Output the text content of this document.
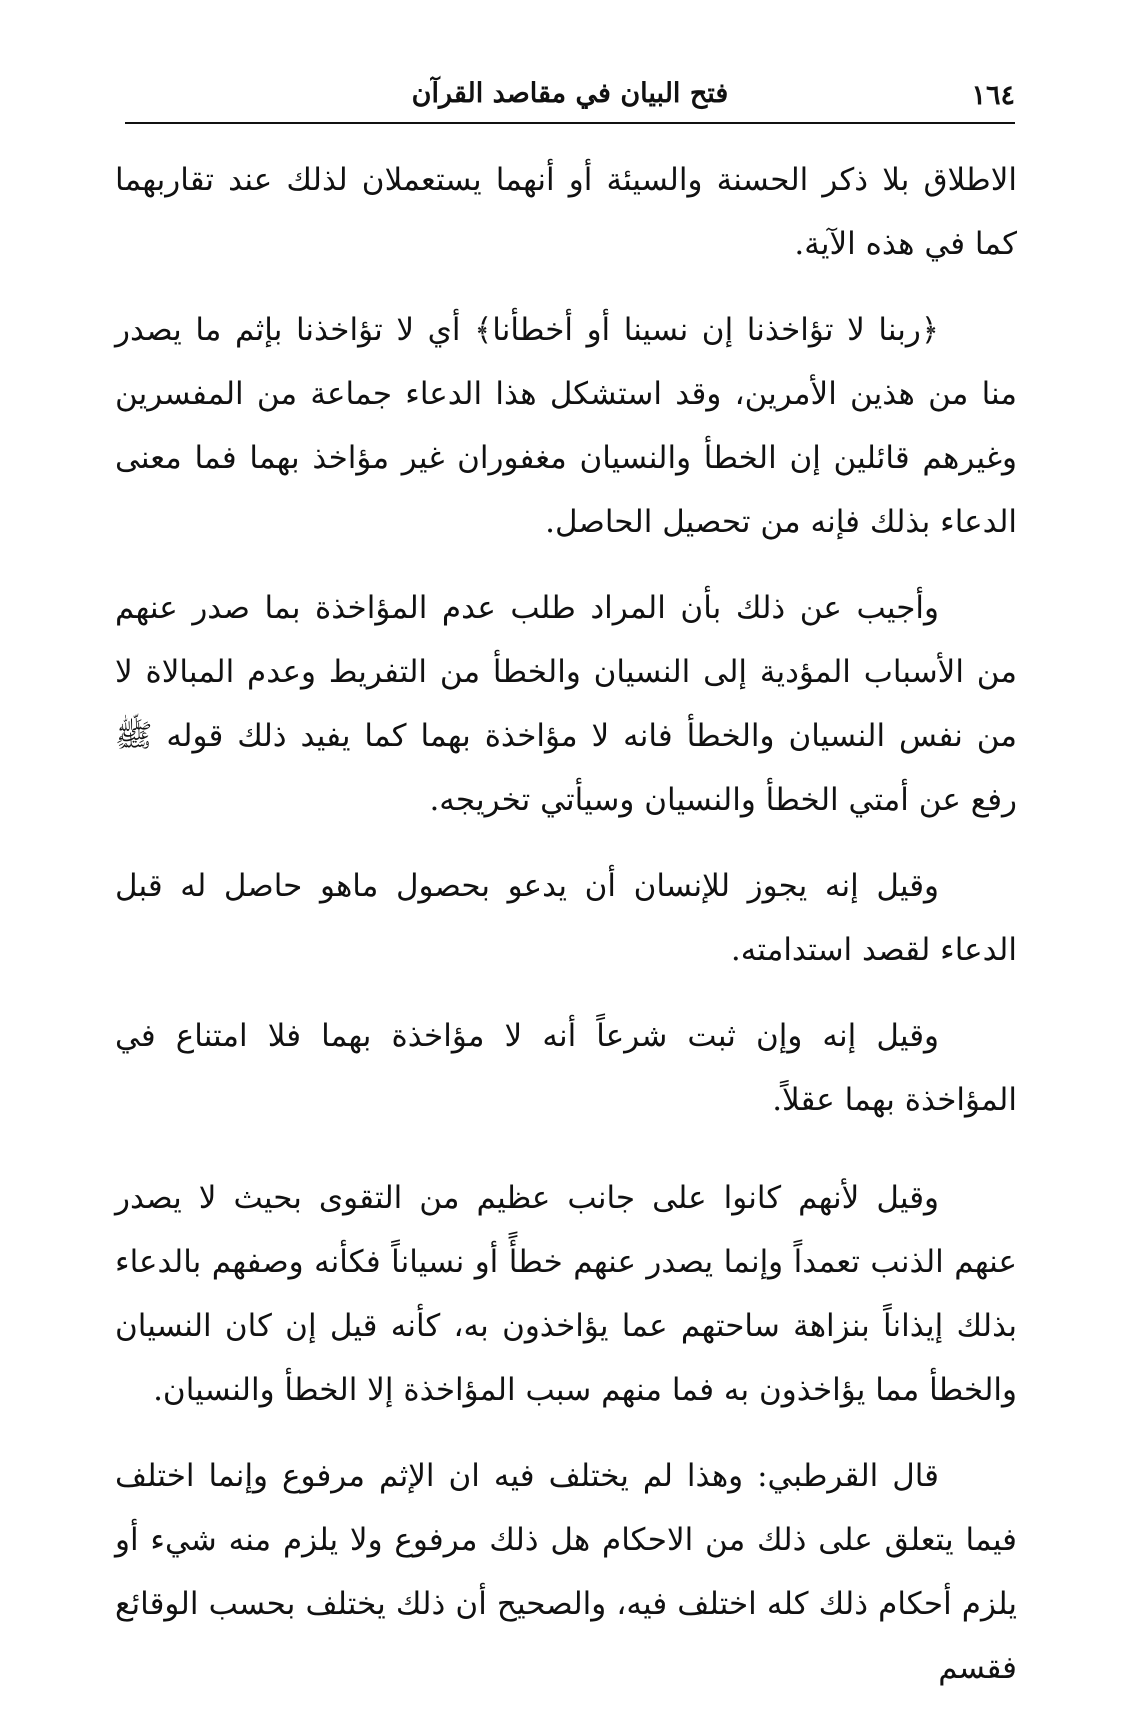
١٦٤
فتح البيان في مقاصد القرآن

الاطلاق بلا ذكر الحسنة والسيئة أو أنهما يستعملان لذلك عند تقاربهما كما في هذه الآية.

﴿ربنا لا تؤاخذنا إن نسينا أو أخطأنا﴾ أي لا تؤاخذنا بإثم ما يصدر منا من هذين الأمرين، وقد استشكل هذا الدعاء جماعة من المفسرين وغيرهم قائلين إن الخطأ والنسيان مغفوران غير مؤاخذ بهما فما معنى الدعاء بذلك فإنه من تحصيل الحاصل.

وأجيب عن ذلك بأن المراد طلب عدم المؤاخذة بما صدر عنهم من الأسباب المؤدية إلى النسيان والخطأ من التفريط وعدم المبالاة لا من نفس النسيان والخطأ فانه لا مؤاخذة بهما كما يفيد ذلك قوله ﷺ رفع عن أمتي الخطأ والنسيان وسيأتي تخريجه.

وقيل إنه يجوز للإنسان أن يدعو بحصول ماهو حاصل له قبل الدعاء لقصد استدامته.

وقيل إنه وإن ثبت شرعاً أنه لا مؤاخذة بهما فلا امتناع في المؤاخذة بهما عقلاً.

وقيل لأنهم كانوا على جانب عظيم من التقوى بحيث لا يصدر عنهم الذنب تعمداً وإنما يصدر عنهم خطأً أو نسياناً فكأنه وصفهم بالدعاء بذلك إيذاناً بنزاهة ساحتهم عما يؤاخذون به، كأنه قيل إن كان النسيان والخطأ مما يؤاخذون به فما منهم سبب المؤاخذة إلا الخطأ والنسيان.

قال القرطبي: وهذا لم يختلف فيه ان الإثم مرفوع وإنما اختلف فيما يتعلق على ذلك من الاحكام هل ذلك مرفوع ولا يلزم منه شيء أو يلزم أحكام ذلك كله اختلف فيه، والصحيح أن ذلك يختلف بحسب الوقائع فقسم
